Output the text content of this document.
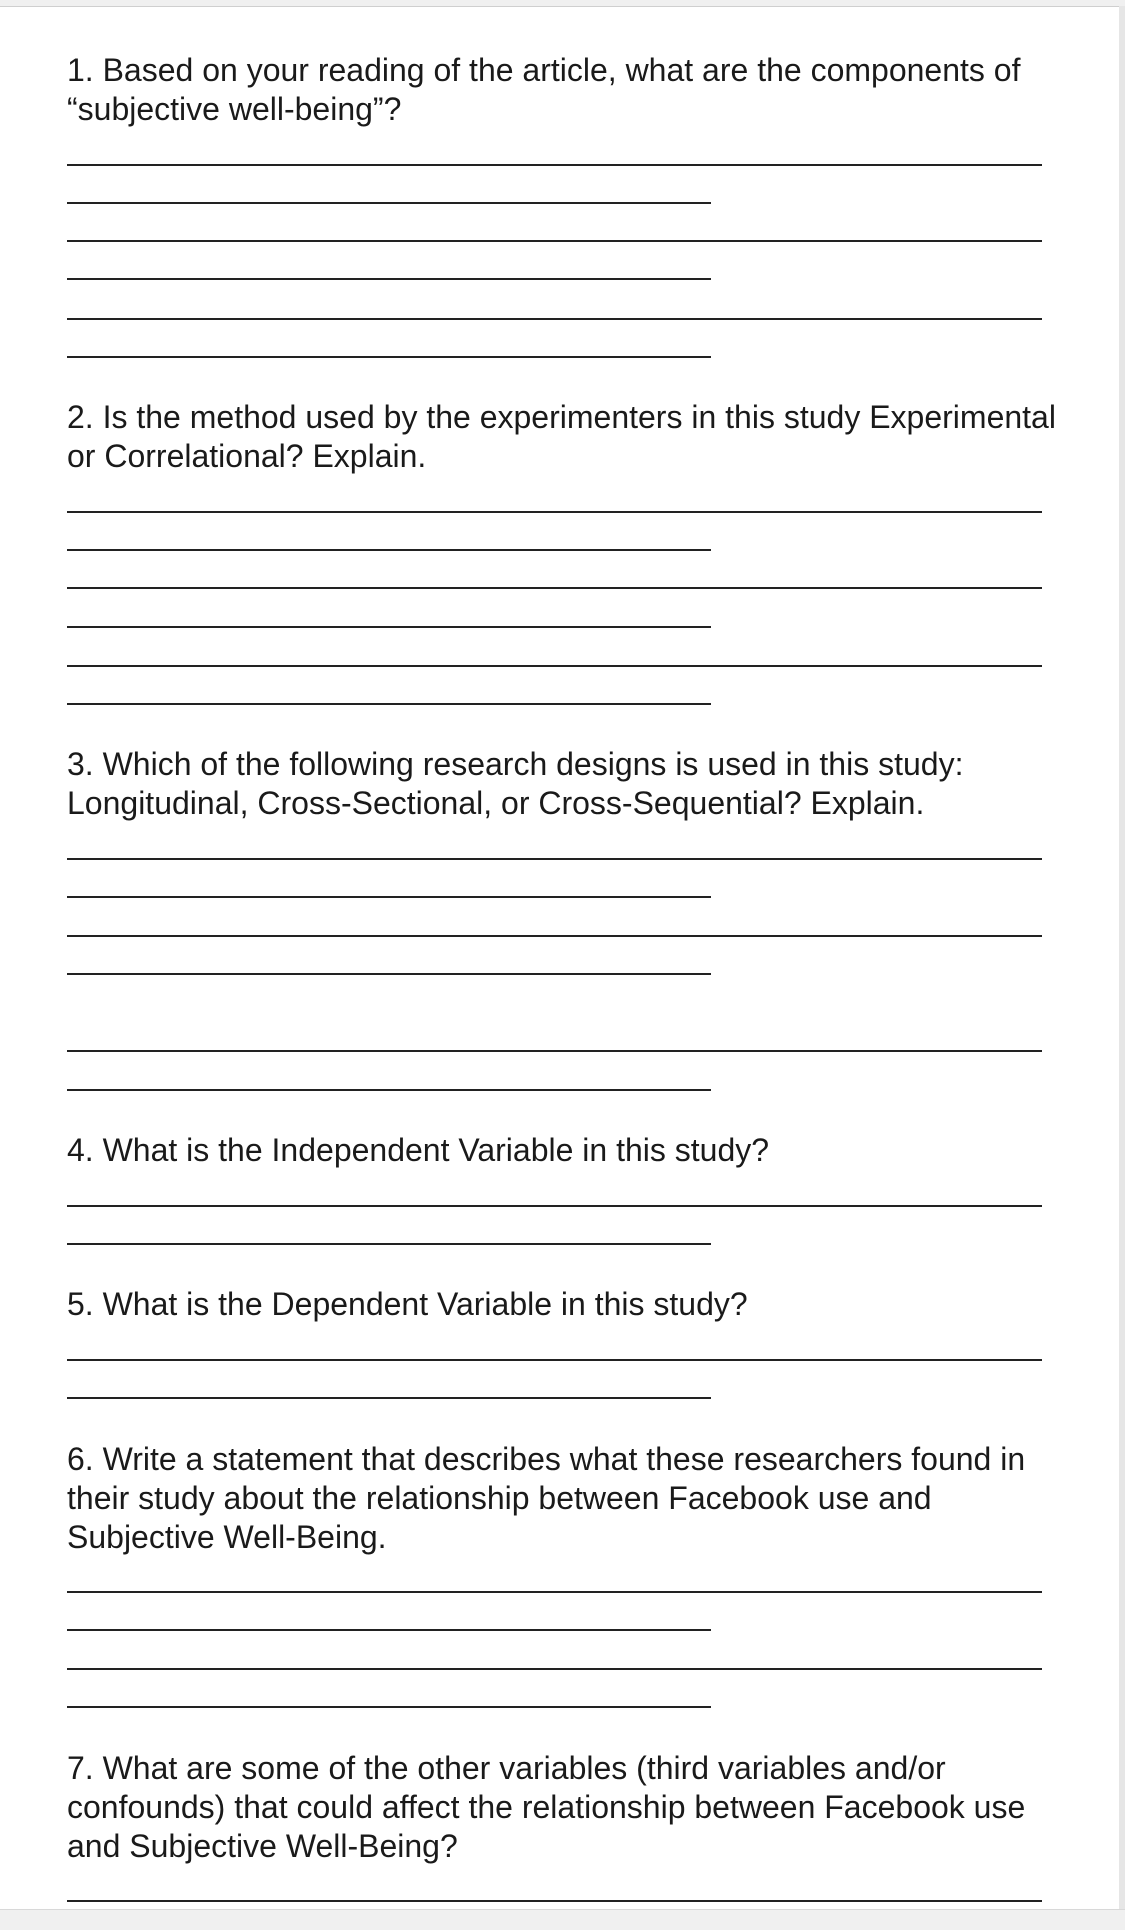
1. Based on your reading of the article, what are the components of “subjective well-being”?

2. Is the method used by the experimenters in this study Experimental or Correlational? Explain.

3. Which of the following research designs is used in this study: Longitudinal, Cross-Sectional, or Cross-Sequential? Explain.

4. What is the Independent Variable in this study?

5. What is the Dependent Variable in this study?

6. Write a statement that describes what these researchers found in their study about the relationship between Facebook use and Subjective Well-Being.

7. What are some of the other variables (third variables and/or confounds) that could affect the relationship between Facebook use and Subjective Well-Being?
